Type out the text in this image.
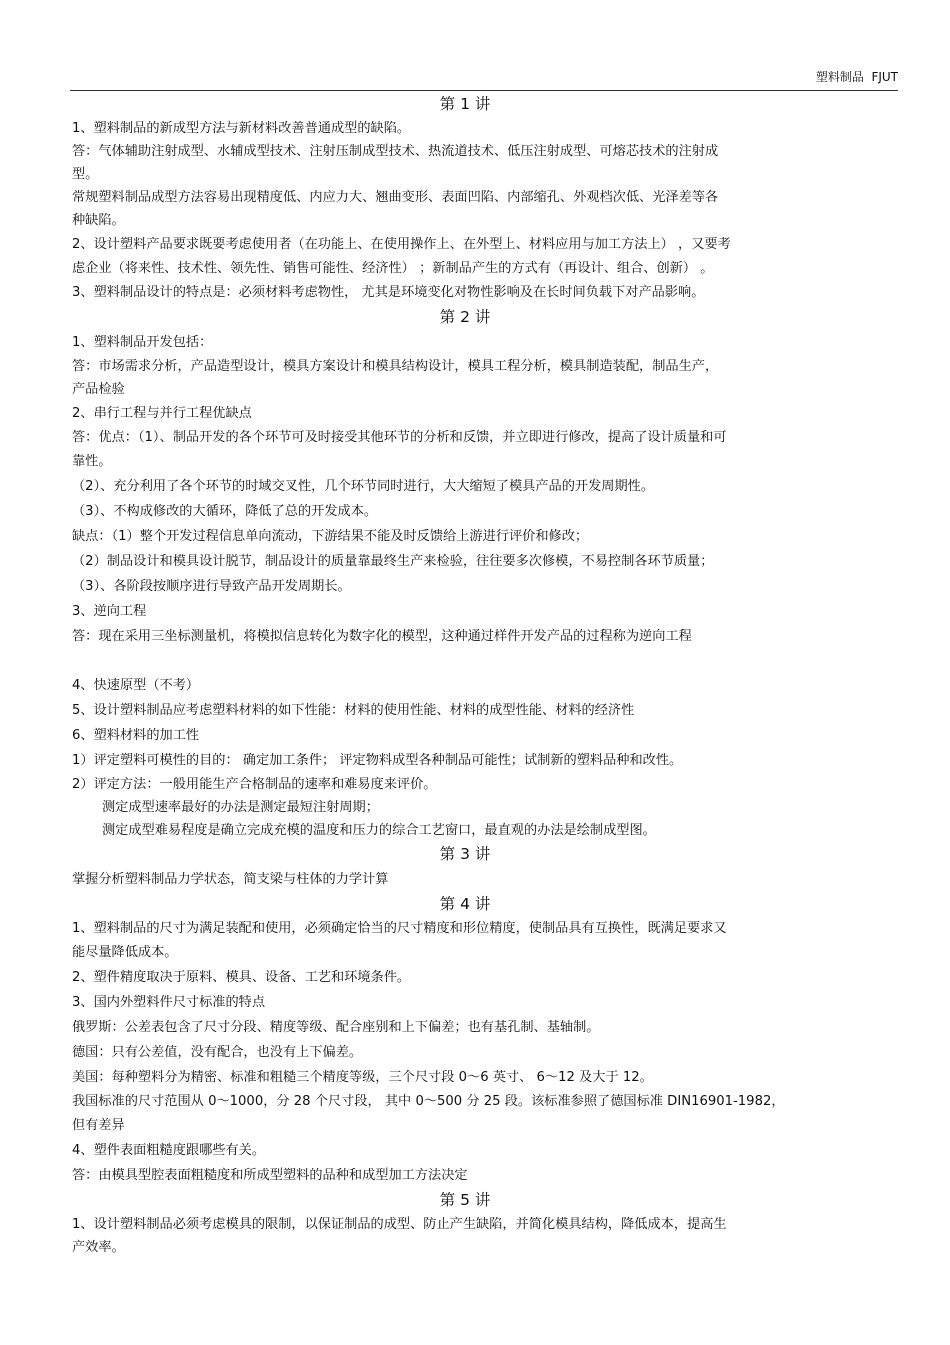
塑料制品  FJUT
第 1 讲
1、塑料制品的新成型方法与新材料改善普通成型的缺陷。
答：气体辅助注射成型、水辅成型技术、注射压制成型技术、热流道技术、低压注射成型、可熔芯技术的注射成
型。
常规塑料制品成型方法容易出现精度低、内应力大、翘曲变形、表面凹陷、内部缩孔、外观档次低、光泽差等各
种缺陷。
2、设计塑料产品要求既要考虑使用者（在功能上、在使用操作上、在外型上、材料应用与加工方法上） ，又要考
虑企业（将来性、技术性、领先性、销售可能性、经济性） ；新制品产生的方式有（再设计、组合、创新） 。
3、塑料制品设计的特点是：必须材料考虑物性， 尤其是环境变化对物性影响及在长时间负载下对产品影响。
第 2 讲
1、塑料制品开发包括：
答：市场需求分析，产品造型设计，模具方案设计和模具结构设计，模具工程分析，模具制造装配，制品生产，
产品检验
2、串行工程与并行工程优缺点
答：优点：（1）、制品开发的各个环节可及时接受其他环节的分析和反馈，并立即进行修改，提高了设计质量和可
靠性。
（2）、充分利用了各个环节的时域交叉性，几个环节同时进行，大大缩短了模具产品的开发周期性。
（3）、不构成修改的大循环，降低了总的开发成本。
缺点：（1）整个开发过程信息单向流动，下游结果不能及时反馈给上游进行评价和修改；
（2）制品设计和模具设计脱节，制品设计的质量靠最终生产来检验，往往要多次修模，不易控制各环节质量；
（3）、各阶段按顺序进行导致产品开发周期长。
3、逆向工程
答：现在采用三坐标测量机，将模拟信息转化为数字化的模型，这种通过样件开发产品的过程称为逆向工程
4、快速原型（不考）
5、设计塑料制品应考虑塑料材料的如下性能：材料的使用性能、材料的成型性能、材料的经济性
6、塑料材料的加工性
1）评定塑料可模性的目的： 确定加工条件； 评定物料成型各种制品可能性；试制新的塑料品种和改性。
2）评定方法：一般用能生产合格制品的速率和难易度来评价。
测定成型速率最好的办法是测定最短注射周期；
测定成型难易程度是确立完成充模的温度和压力的综合工艺窗口，最直观的办法是绘制成型图。
第 3 讲
掌握分析塑料制品力学状态，简支梁与柱体的力学计算
第 4 讲
1、塑料制品的尺寸为满足装配和使用，必须确定恰当的尺寸精度和形位精度，使制品具有互换性，既满足要求又
能尽量降低成本。
2、塑件精度取决于原料、模具、设备、工艺和环境条件。
3、国内外塑料件尺寸标准的特点
俄罗斯：公差表包含了尺寸分段、精度等级、配合座别和上下偏差；也有基孔制、基轴制。
德国：只有公差值，没有配合，也没有上下偏差。
美国：每种塑料分为精密、标准和粗糙三个精度等级，三个尺寸段 0～6 英寸、 6～12 及大于 12。
我国标准的尺寸范围从 0～1000，分 28 个尺寸段， 其中 0～500 分 25 段。该标准参照了德国标准 DIN16901-1982，
但有差异
4、塑件表面粗糙度跟哪些有关。
答：由模具型腔表面粗糙度和所成型塑料的品种和成型加工方法决定
第 5 讲
1、设计塑料制品必须考虑模具的限制，以保证制品的成型、防止产生缺陷，并简化模具结构，降低成本，提高生
产效率。
